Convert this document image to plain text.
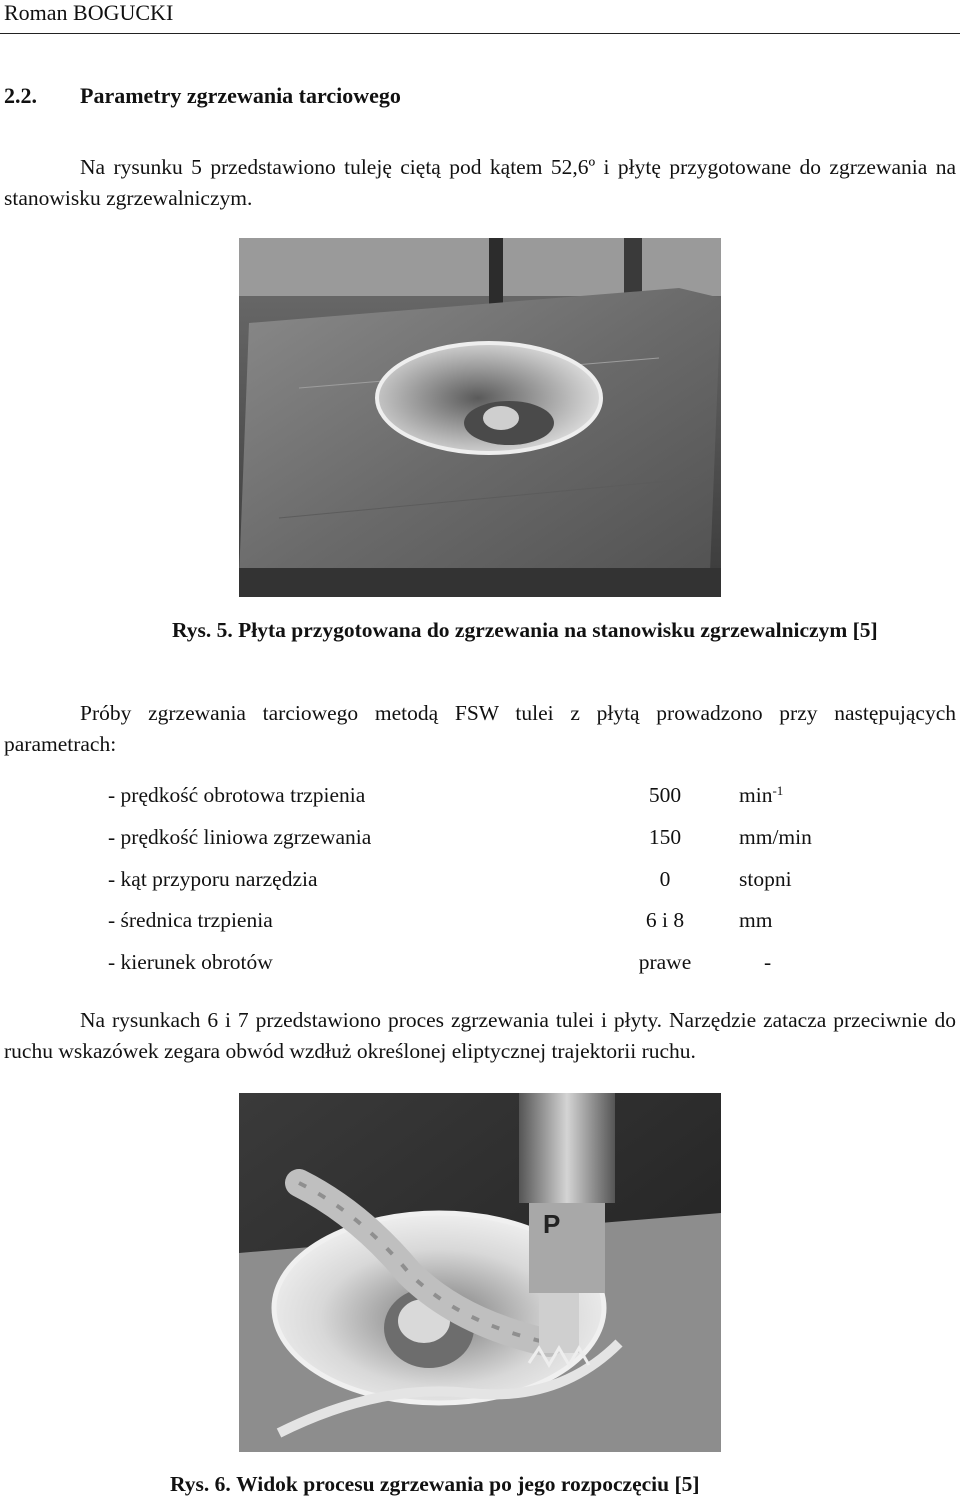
Roman BOGUCKI
2.2. Parametry zgrzewania tarciowego

Na rysunku 5 przedstawiono tuleję ciętą pod kątem 52,6º i płytę przygotowane do zgrzewania na stanowisku zgrzewalniczym.

Rys. 5. Płyta przygotowana do zgrzewania na stanowisku zgrzewalniczym [5]

Próby zgrzewania tarciowego metodą FSW tulei z płytą prowadzono przy następujących parametrach:

- prędkość obrotowa trzpienia	500	$\min^{-1}$
- prędkość liniowa zgrzewania	150	mm/min
- kąt przyporu narzędzia	0	stopni
- średnica trzpienia	6 i 8	mm
- kierunek obrotów	prawe	-

Na rysunkach 6 i 7 przedstawiono proces zgrzewania tulei i płyty. Narzędzie zatacza przeciwnie do ruchu wskazówek zegara obwód wzdłuż określonej eliptycznej trajektorii ruchu.

P
Rys. 6. Widok procesu zgrzewania po jego rozpoczęciu [5]
